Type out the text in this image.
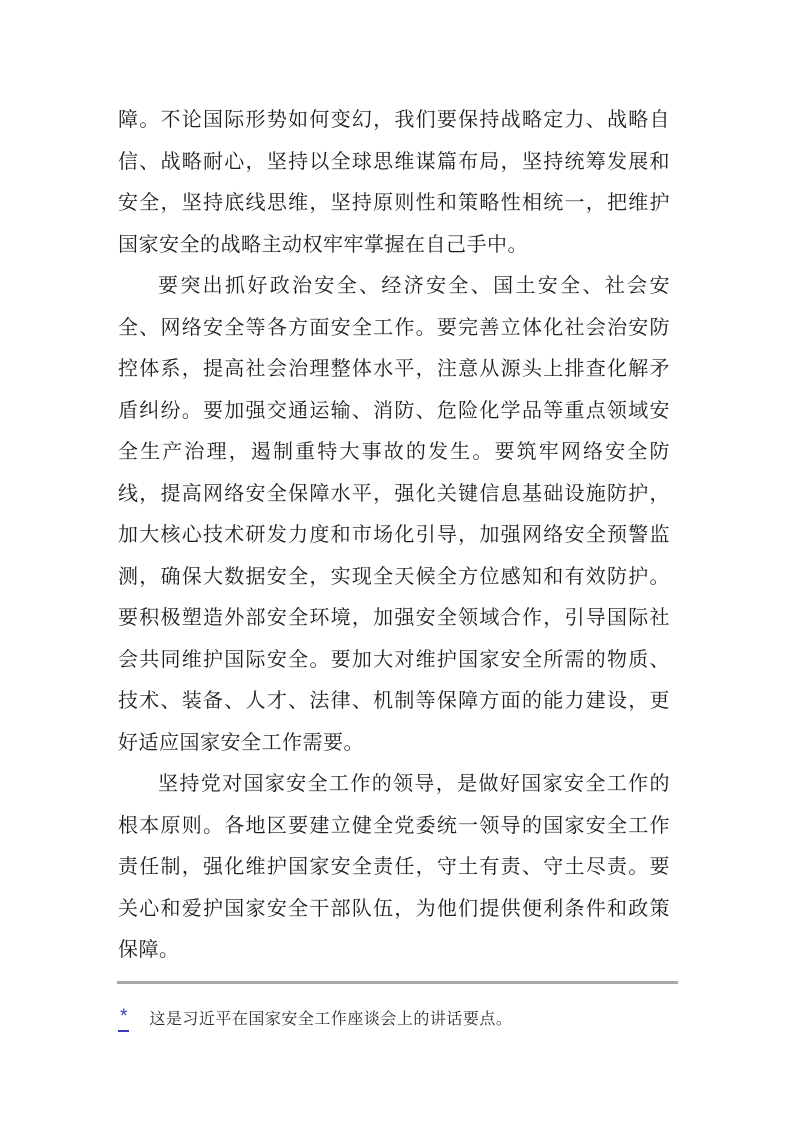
障。不论国际形势如何变幻，我们要保持战略定力、战略自信、战略耐心，坚持以全球思维谋篇布局，坚持统筹发展和安全，坚持底线思维，坚持原则性和策略性相统一，把维护国家安全的战略主动权牢牢掌握在自己手中。

要突出抓好政治安全、经济安全、国土安全、社会安全、网络安全等各方面安全工作。要完善立体化社会治安防控体系，提高社会治理整体水平，注意从源头上排查化解矛盾纠纷。要加强交通运输、消防、危险化学品等重点领域安全生产治理，遏制重特大事故的发生。要筑牢网络安全防线，提高网络安全保障水平，强化关键信息基础设施防护，加大核心技术研发力度和市场化引导，加强网络安全预警监测，确保大数据安全，实现全天候全方位感知和有效防护。要积极塑造外部安全环境，加强安全领域合作，引导国际社会共同维护国际安全。要加大对维护国家安全所需的物质、技术、装备、人才、法律、机制等保障方面的能力建设，更好适应国家安全工作需要。

坚持党对国家安全工作的领导，是做好国家安全工作的根本原则。各地区要建立健全党委统一领导的国家安全工作责任制，强化维护国家安全责任，守土有责、守土尽责。要关心和爱护国家安全干部队伍，为他们提供便利条件和政策保障。

* 这是习近平在国家安全工作座谈会上的讲话要点。
